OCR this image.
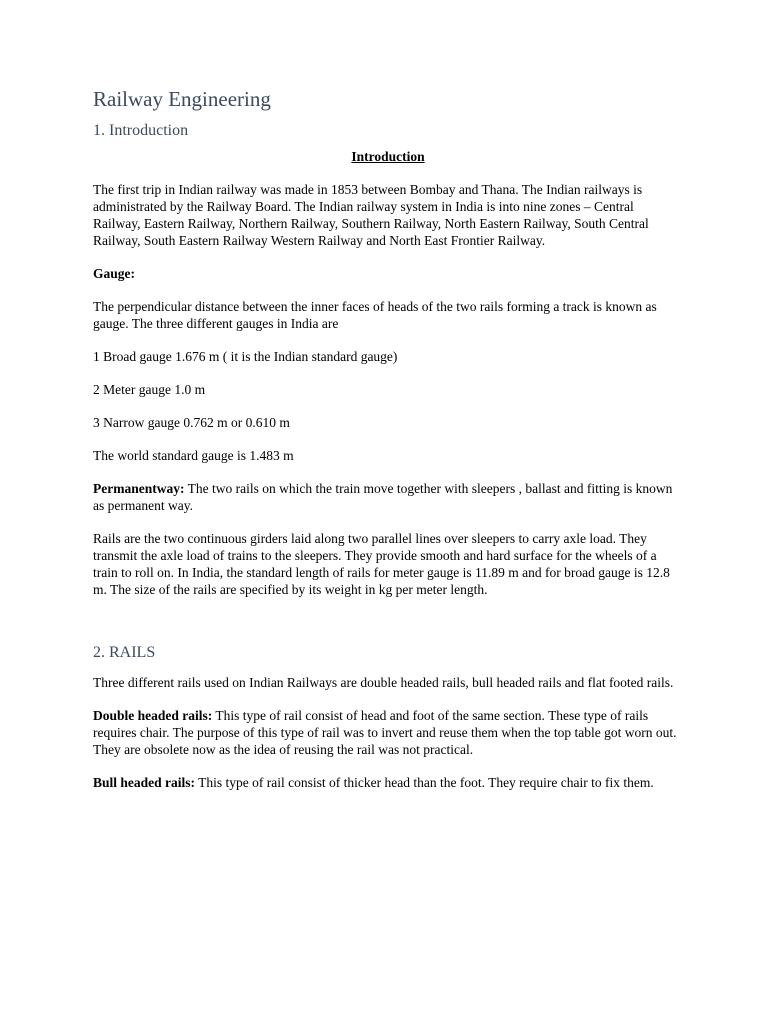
Railway Engineering
1. Introduction
Introduction

The first trip in Indian railway was made in 1853 between Bombay and Thana. The Indian railways is administrated by the Railway Board. The Indian railway system in India is into nine zones – Central Railway, Eastern Railway, Northern Railway, Southern Railway, North Eastern Railway, South Central Railway, South Eastern Railway Western Railway and North East Frontier Railway.

Gauge:

The perpendicular distance between the inner faces of heads of the two rails forming a track is known as gauge. The three different gauges in India are

1 Broad gauge 1.676 m ( it is the Indian standard gauge)

2 Meter gauge 1.0 m

3 Narrow gauge 0.762 m or 0.610 m

The world standard gauge is 1.483 m

Permanentway: The two rails on which the train move together with sleepers , ballast and fitting is known as permanent way.

Rails are the two continuous girders laid along two parallel lines over sleepers to carry axle load. They transmit the axle load of trains to the sleepers. They provide smooth and hard surface for the wheels of a train to roll on. In India, the standard length of rails for meter gauge is 11.89 m and for broad gauge is 12.8 m. The size of the rails are specified by its weight in kg per meter length.

2. RAILS

Three different rails used on Indian Railways are double headed rails, bull headed rails and flat footed rails.

Double headed rails: This type of rail consist of head and foot of the same section. These type of rails requires chair. The purpose of this type of rail was to invert and reuse them when the top table got worn out. They are obsolete now as the idea of reusing the rail was not practical.

Bull headed rails: This type of rail consist of thicker head than the foot. They require chair to fix them.
